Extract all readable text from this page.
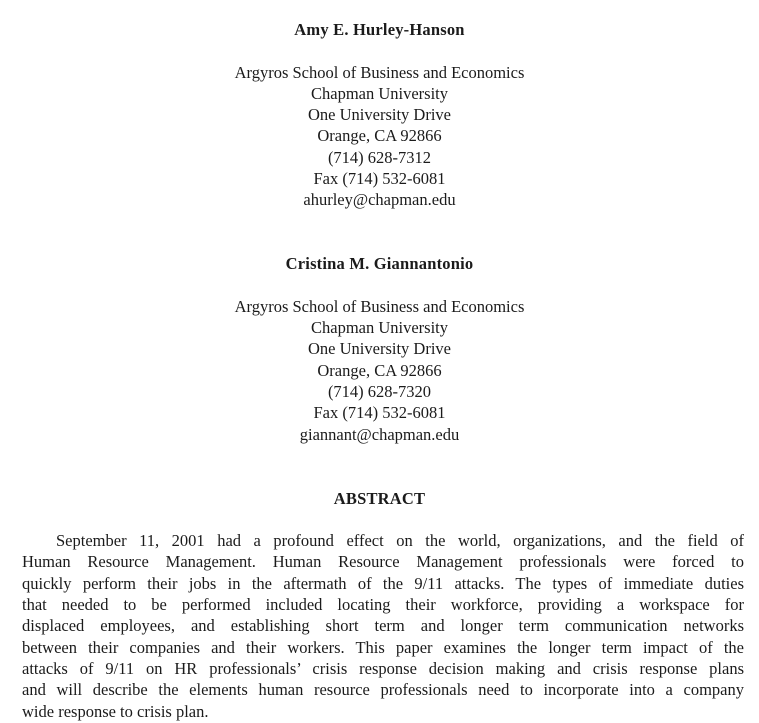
Amy E. Hurley-Hanson
Argyros School of Business and Economics
Chapman University
One University Drive
Orange, CA 92866
(714) 628-7312
Fax (714) 532-6081
ahurley@chapman.edu
Cristina M. Giannantonio
Argyros School of Business and Economics
Chapman University
One University Drive
Orange, CA 92866
(714) 628-7320
Fax (714) 532-6081
giannant@chapman.edu
ABSTRACT
September 11, 2001 had a profound effect on the world, organizations, and the field of
Human Resource Management. Human Resource Management professionals were forced to
quickly perform their jobs in the aftermath of the 9/11 attacks. The types of immediate duties
that needed to be performed included locating their workforce, providing a workspace for
displaced employees, and establishing short term and longer term communication networks
between their companies and their workers. This paper examines the longer term impact of the
attacks of 9/11 on HR professionals’ crisis response decision making and crisis response plans
and will describe the elements human resource professionals need to incorporate into a company
wide response to crisis plan.
